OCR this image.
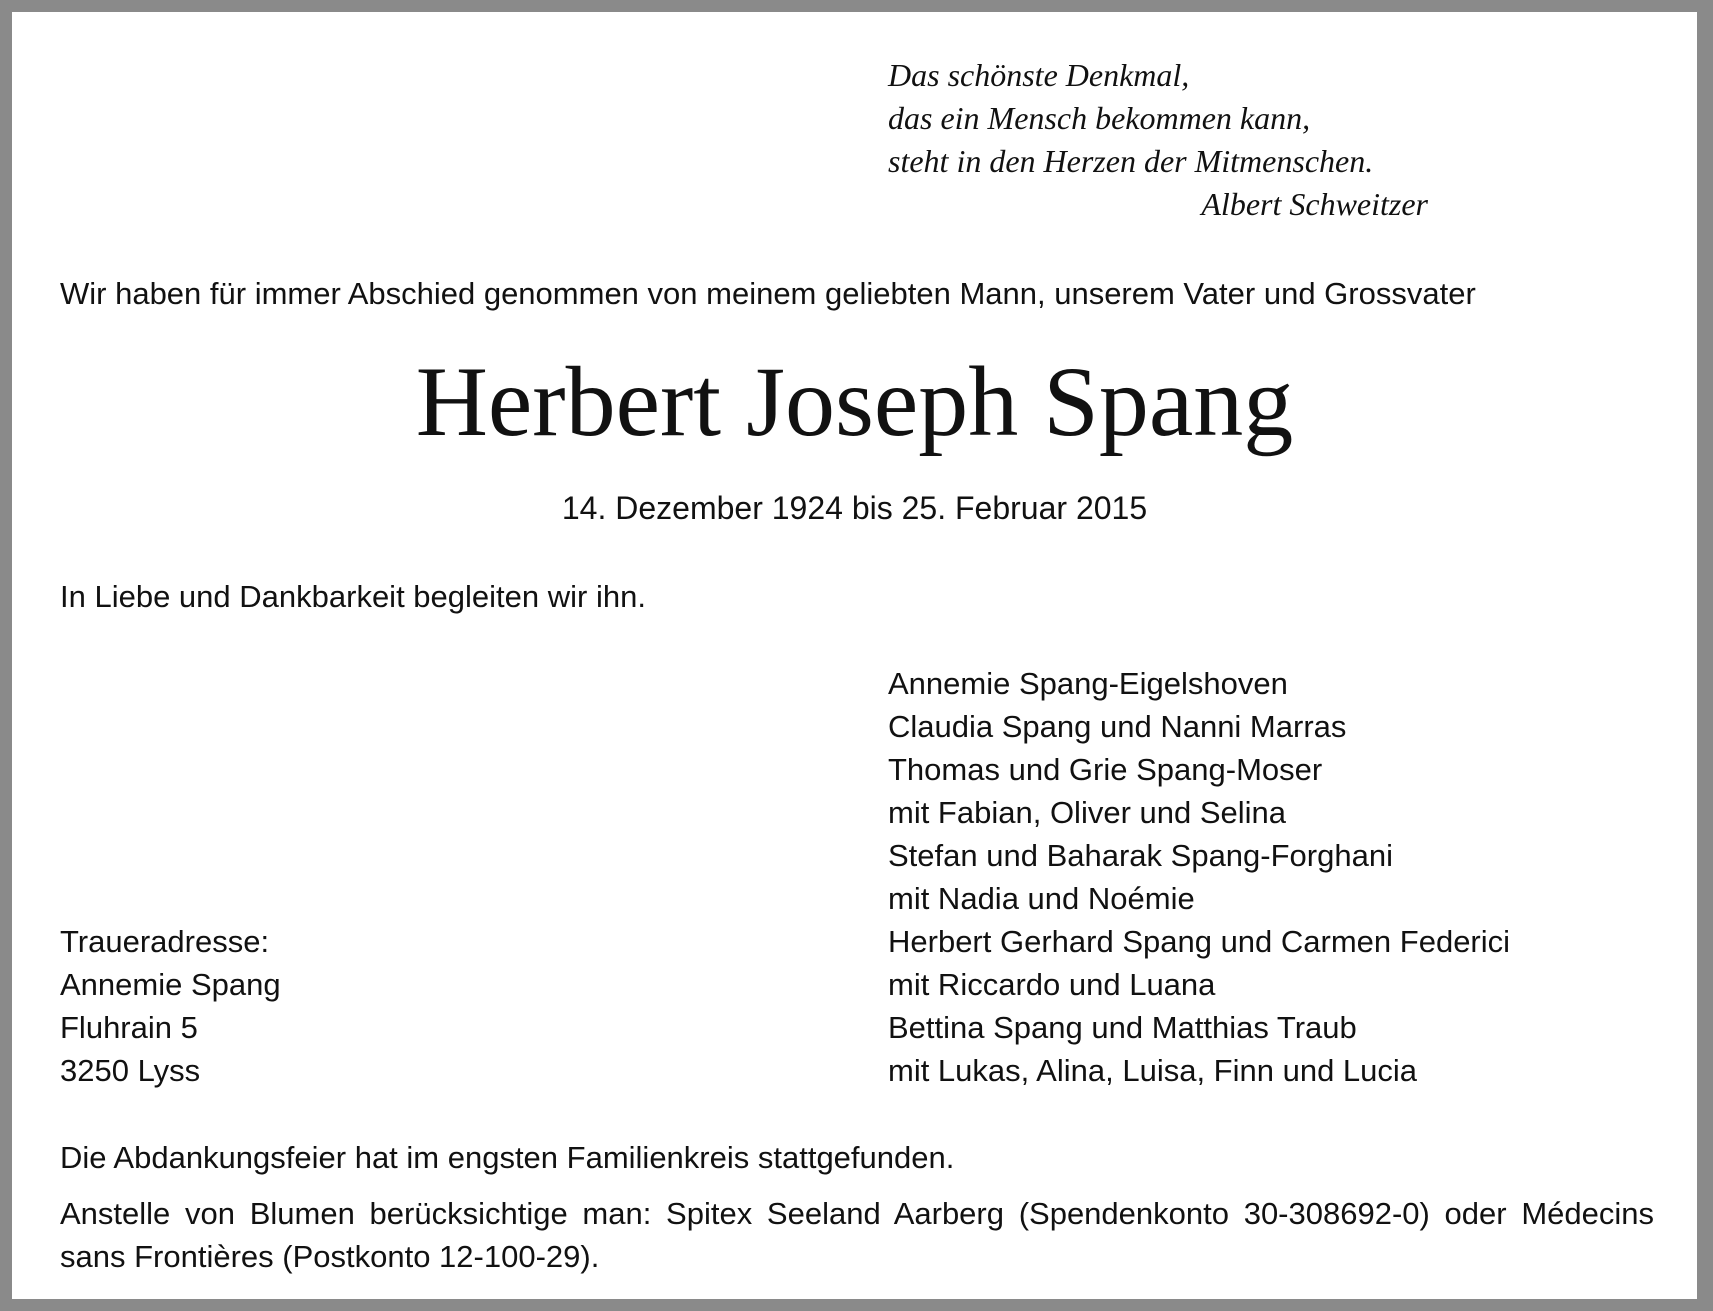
Das schönste Denkmal,
das ein Mensch bekommen kann,
steht in den Herzen der Mitmenschen.
Albert Schweitzer
Wir haben für immer Abschied genommen von meinem geliebten Mann, unserem Vater und Grossvater
Herbert Joseph Spang
14. Dezember 1924 bis 25. Februar 2015
In Liebe und Dankbarkeit begleiten wir ihn.
Annemie Spang-Eigelshoven
Claudia Spang und Nanni Marras
Thomas und Grie Spang-Moser
mit Fabian, Oliver und Selina
Stefan und Baharak Spang-Forghani
mit Nadia und Noémie
Herbert Gerhard Spang und Carmen Federici
mit Riccardo und Luana
Bettina Spang und Matthias Traub
mit Lukas, Alina, Luisa, Finn und Lucia
Traueradresse:
Annemie Spang
Fluhrain 5
3250 Lyss
Die Abdankungsfeier hat im engsten Familienkreis stattgefunden.
Anstelle von Blumen berücksichtige man: Spitex Seeland Aarberg (Spendenkonto 30-308692-0) oder Médecins sans Frontières (Postkonto 12-100-29).
